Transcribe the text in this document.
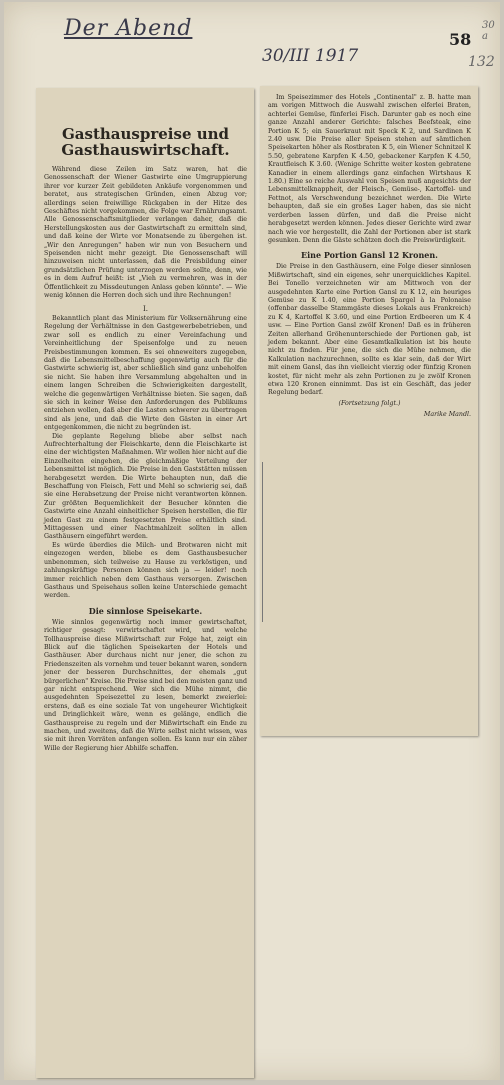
Der Abend
30/III 1917
58
30 a
132
Gasthauspreise und Gasthauswirtschaft.

Während diese Zeilen im Satz waren, hat die Genossenschaft der Wiener Gastwirte eine Umgruppierung ihrer vor kurzer Zeit gebildeten Ankäufe vorgenommen und beratet, aus strategischen Gründen, einen Abzug vor; allerdings seien freiwillige Rückgaben in der Hitze des Geschäftes nicht vorgekommen, die Folge war Ernährungsamt. Alle Genossenschaftsmitglieder verlangen daher, daß die Herstellungskosten aus der Gastwirtschaft zu ermitteln sind, und daß keine der Wirte vor Monatsende zu übergehen ist. „Wir den Anregungen" haben wir nun von Besuchern und Speisenden nicht mehr gezeigt. Die Genossenschaft will hinzuweisen nicht unterlassen, daß die Preisbildung einer grundsätzlichen Prüfung unterzogen werden sollte, denn, wie es in dem Aufruf heißt: ist „Vieh zu vermehren, was in der Öffentlichkeit zu Missdeutungen Anlass geben könnte". — Wie wenig können die Herren doch sich und ihre Rechnungen!

I.

Bekanntlich plant das Ministerium für Volksernährung eine Regelung der Verhältnisse in den Gastgewerbebetrieben, und zwar soll es endlich zu einer Vereinfachung und Vereinheitlichung der Speisenfolge und zu neuen Preisbestimmungen kommen. Es sei ohneweiters zugegeben, daß die Lebensmittelbeschaffung gegenwärtig auch für die Gastwirte schwierig ist, aber schließlich sind ganz unbeholfen sie nicht. Sie haben ihre Versammlung abgehalten und in einem langen Schreiben die Schwierigkeiten dargestellt, welche die gegenwärtigen Verhältnisse bieten. Sie sagen, daß sie sich in keiner Weise den Anforderungen des Publikums entziehen wollen, daß aber die Lasten schwerer zu übertragen sind als jene, und daß die Wirte den Gästen in einer Art entgegenkommen, die nicht zu begründen ist.

Die geplante Regelung bliebe aber selbst nach Aufrechterhaltung der Fleischkarte, denn die Fleischkarte ist eine der wichtigsten Maßnahmen. Wir wollen hier nicht auf die Einzelheiten eingehen, die gleichmäßige Verteilung der Lebensmittel ist möglich. Die Preise in den Gaststätten müssen herabgesetzt werden. Die Wirte behaupten nun, daß die Beschaffung von Fleisch, Fett und Mehl so schwierig sei, daß sie eine Herabsetzung der Preise nicht verantworten können. Zur größten Bequemlichkeit der Besucher könnten die Gastwirte eine Anzahl einheitlicher Speisen herstellen, die für jeden Gast zu einem festgesetzten Preise erhältlich sind. Mittagessen und einer Nachtmahlzeit sollten in allen Gasthäusern eingeführt werden.

Es würde überdies die Milch- und Brotwaren nicht mit eingezogen werden, bliebe es dem Gasthausbesucher unbenommen, sich teilweise zu Hause zu verköstigen, und zahlungskräftige Personen können sich ja — leider! noch immer reichlich neben dem Gasthaus versorgen. Zwischen Gasthaus und Speisehaus sollen keine Unterschiede gemacht werden.

Die sinnlose Speisekarte.

Wie sinnlos gegenwärtig noch immer gewirtschaftet, richtiger gesagt: verwirtschaftet wird, und welche Tollhauspreise diese Mißwirtschaft zur Folge hat, zeigt ein Blick auf die täglichen Speisekarten der Hotels und Gasthäuser. Aber durchaus nicht nur jener, die schon zu Friedenszeiten als vornehm und teuer bekannt waren, sondern jener der besseren Durchschnittes, der ehemals „gut bürgerlichen" Kreise. Die Preise sind bei den meisten ganz und gar nicht entsprechend. Wer sich die Mühe nimmt, die ausgedehnten Speisezettel zu lesen, bemerkt zweierlei: erstens, daß es eine soziale Tat von ungeheurer Wichtigkeit und Dringlichkeit wäre, wenn es gelänge, endlich die Gasthauspreise zu regeln und der Mißwirtschaft ein Ende zu machen, und zweitens, daß die Wirte selbst nicht wissen, was sie mit ihren Vorräten anfangen sollen. Es kann nur ein zäher Wille der Regierung hier Abhilfe schaffen.

Im Speisezimmer des Hotels „Continental" z. B. hatte man am vorigen Mittwoch die Auswahl zwischen elferlei Braten, achterlei Gemüse, fünferlei Fisch. Darunter gab es noch eine ganze Anzahl anderer Gerichte: falsches Beefsteak, eine Portion K 5; ein Sauerkraut mit Speck K 2, und Sardinen K 2.40 usw. Die Preise aller Speisen stehen auf sämtlichen Speisekarten höher als Rostbraten K 5, ein Wiener Schnitzel K 5.50, gebratene Karpfen K 4.50, gebackener Karpfen K 4.50, Krautfleisch K 3.60. (Wenige Schritte weiter kosten gebratene Kanadier in einem allerdings ganz einfachen Wirtshaus K 1.80.) Eine so reiche Auswahl von Speisen muß angesichts der Lebensmittelknappheit, der Fleisch-, Gemüse-, Kartoffel- und Fettnot, als Verschwendung bezeichnet werden. Die Wirte behaupten, daß sie ein großes Lager haben, das sie nicht verderben lassen dürfen, und daß die Preise nicht herabgesetzt werden können. Jedes dieser Gerichte wird zwar nach wie vor hergestellt, die Zahl der Portionen aber ist stark gesunken. Denn die Gäste schätzen doch die Preiswürdigkeit.

Eine Portion Gansl 12 Kronen.

Die Preise in den Gasthäusern, eine Folge dieser sinnlosen Mißwirtschaft, sind ein eigenes, sehr unerquickliches Kapitel. Bei Tonello verzeichneten wir am Mittwoch von der ausgedehnten Karte eine Portion Gansl zu K 12, ein heuriges Gemüse zu K 1.40, eine Portion Spargel à la Polonaise (offenbar dasselbe Stammgäste dieses Lokals aus Frankreich) zu K 4, Kartoffel K 3.60, und eine Portion Erdbeeren um K 4 usw. — Eine Portion Gansl zwölf Kronen! Daß es in früheren Zeiten allerhand Gröhenunterschiede der Portionen gab, ist jedem bekannt. Aber eine Gesamtkalkulation ist bis heute nicht zu finden. Für jene, die sich die Mühe nehmen, die Kalkulation nachzurechnen, sollte es klar sein, daß der Wirt mit einem Gansl, das ihn vielleicht vierzig oder fünfzig Kronen kostet, für nicht mehr als zehn Portionen zu je zwölf Kronen etwa 120 Kronen einnimmt. Das ist ein Geschäft, das jeder Regelung bedarf.

(Fortsetzung folgt.)
Marike Mandl.
